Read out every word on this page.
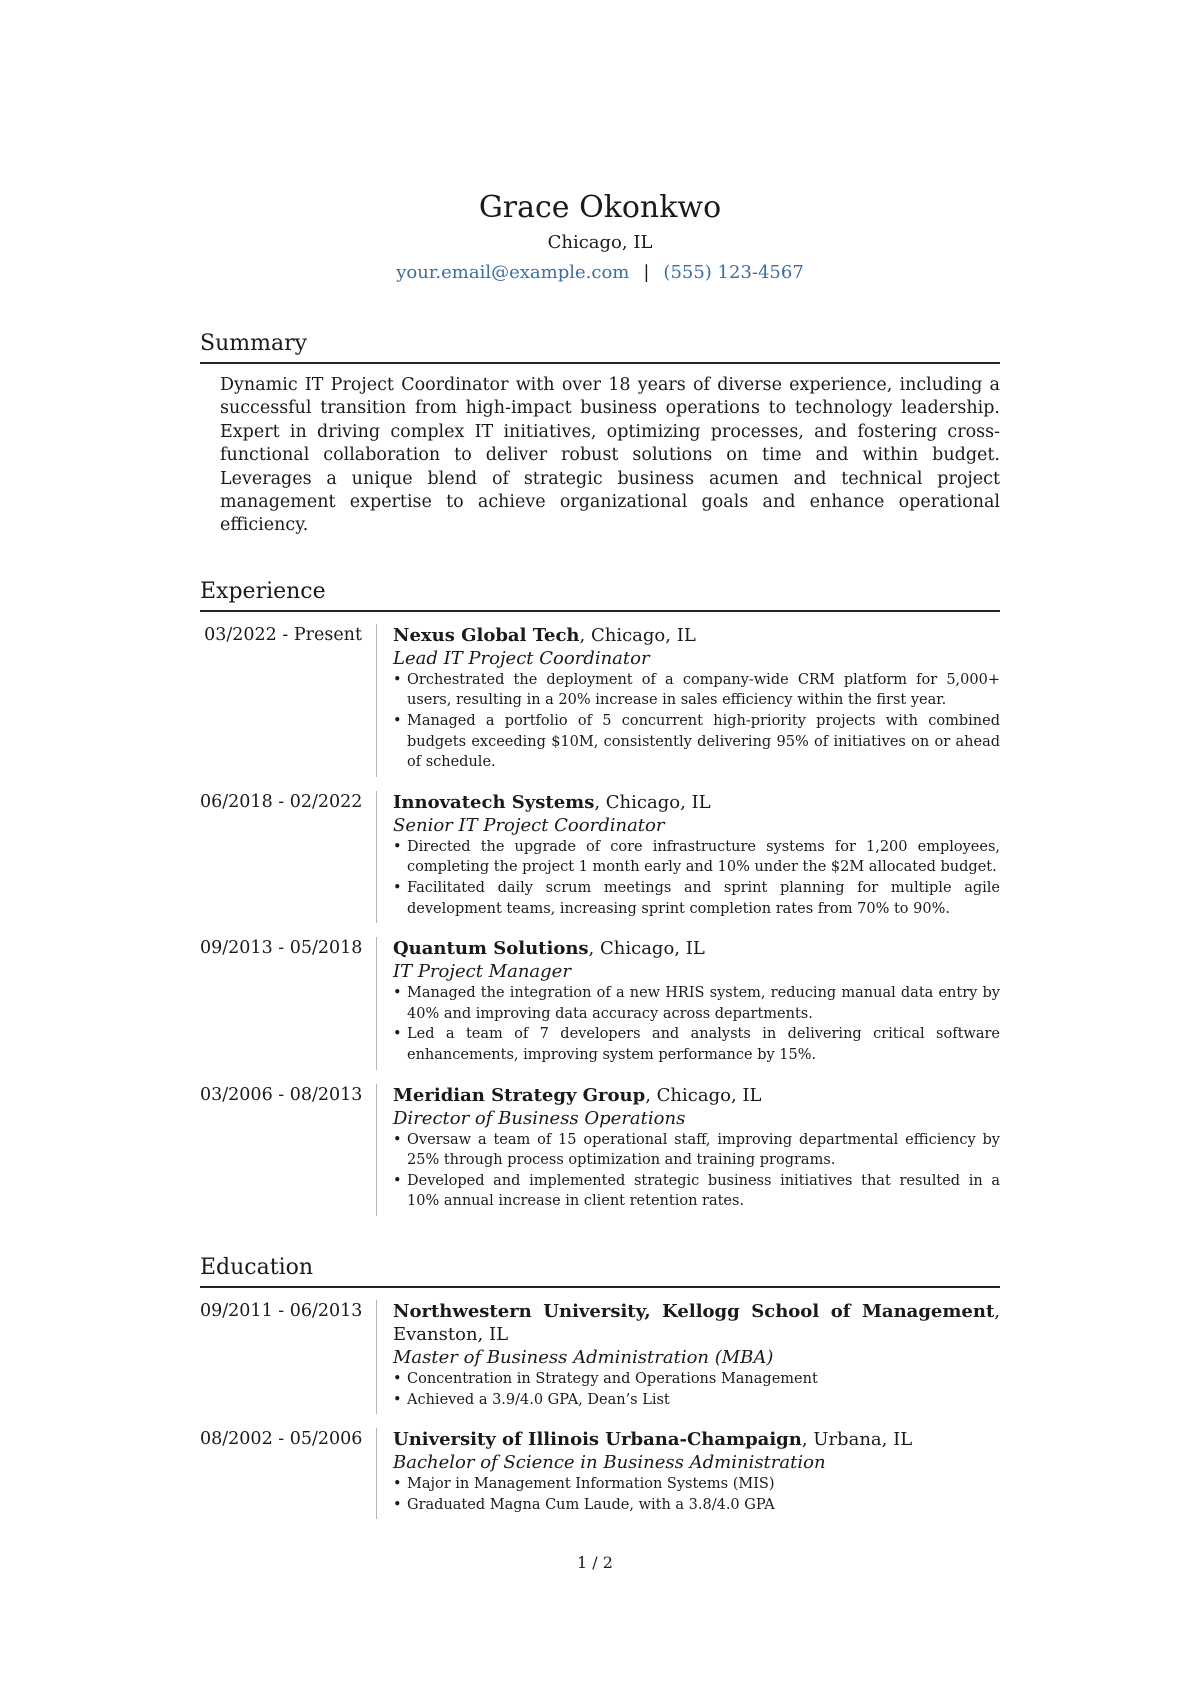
Grace Okonkwo
Chicago, IL
your.email@example.com | (555) 123-4567
Summary

Dynamic IT Project Coordinator with over 18 years of diverse experience, including a successful transition from high-impact business operations to technology leadership. Expert in driving complex IT initiatives, optimizing processes, and fostering cross-functional collaboration to deliver robust solutions on time and within budget. Leverages a unique blend of strategic business acumen and technical project management expertise to achieve organizational goals and enhance operational efficiency.

Experience
03/2022 - Present	Nexus Global Tech, Chicago, IL
Lead IT Project Coordinator
• Orchestrated the deployment of a company-wide CRM platform for 5,000+ users, resulting in a 20% increase in sales efficiency within the first year.
• Managed a portfolio of 5 concurrent high-priority projects with combined budgets exceeding $10M, consistently delivering 95% of initiatives on or ahead of schedule.
06/2018 - 02/2022	Innovatech Systems, Chicago, IL
Senior IT Project Coordinator
• Directed the upgrade of core infrastructure systems for 1,200 employees, completing the project 1 month early and 10% under the $2M allocated budget.
• Facilitated daily scrum meetings and sprint planning for multiple agile development teams, increasing sprint completion rates from 70% to 90%.
09/2013 - 05/2018	Quantum Solutions, Chicago, IL
IT Project Manager
• Managed the integration of a new HRIS system, reducing manual data entry by 40% and improving data accuracy across departments.
• Led a team of 7 developers and analysts in delivering critical software enhancements, improving system performance by 15%.
03/2006 - 08/2013	Meridian Strategy Group, Chicago, IL
Director of Business Operations
• Oversaw a team of 15 operational staff, improving departmental efficiency by 25% through process optimization and training programs.
• Developed and implemented strategic business initiatives that resulted in a 10% annual increase in client retention rates.
Education
09/2011 - 06/2013	Northwestern University, Kellogg School of Management, Evanston, IL
Master of Business Administration (MBA)
• Concentration in Strategy and Operations Management
• Achieved a 3.9/4.0 GPA, Dean’s List
08/2002 - 05/2006	University of Illinois Urbana-Champaign, Urbana, IL
Bachelor of Science in Business Administration
• Major in Management Information Systems (MIS)
• Graduated Magna Cum Laude, with a 3.8/4.0 GPA
1 / 2
